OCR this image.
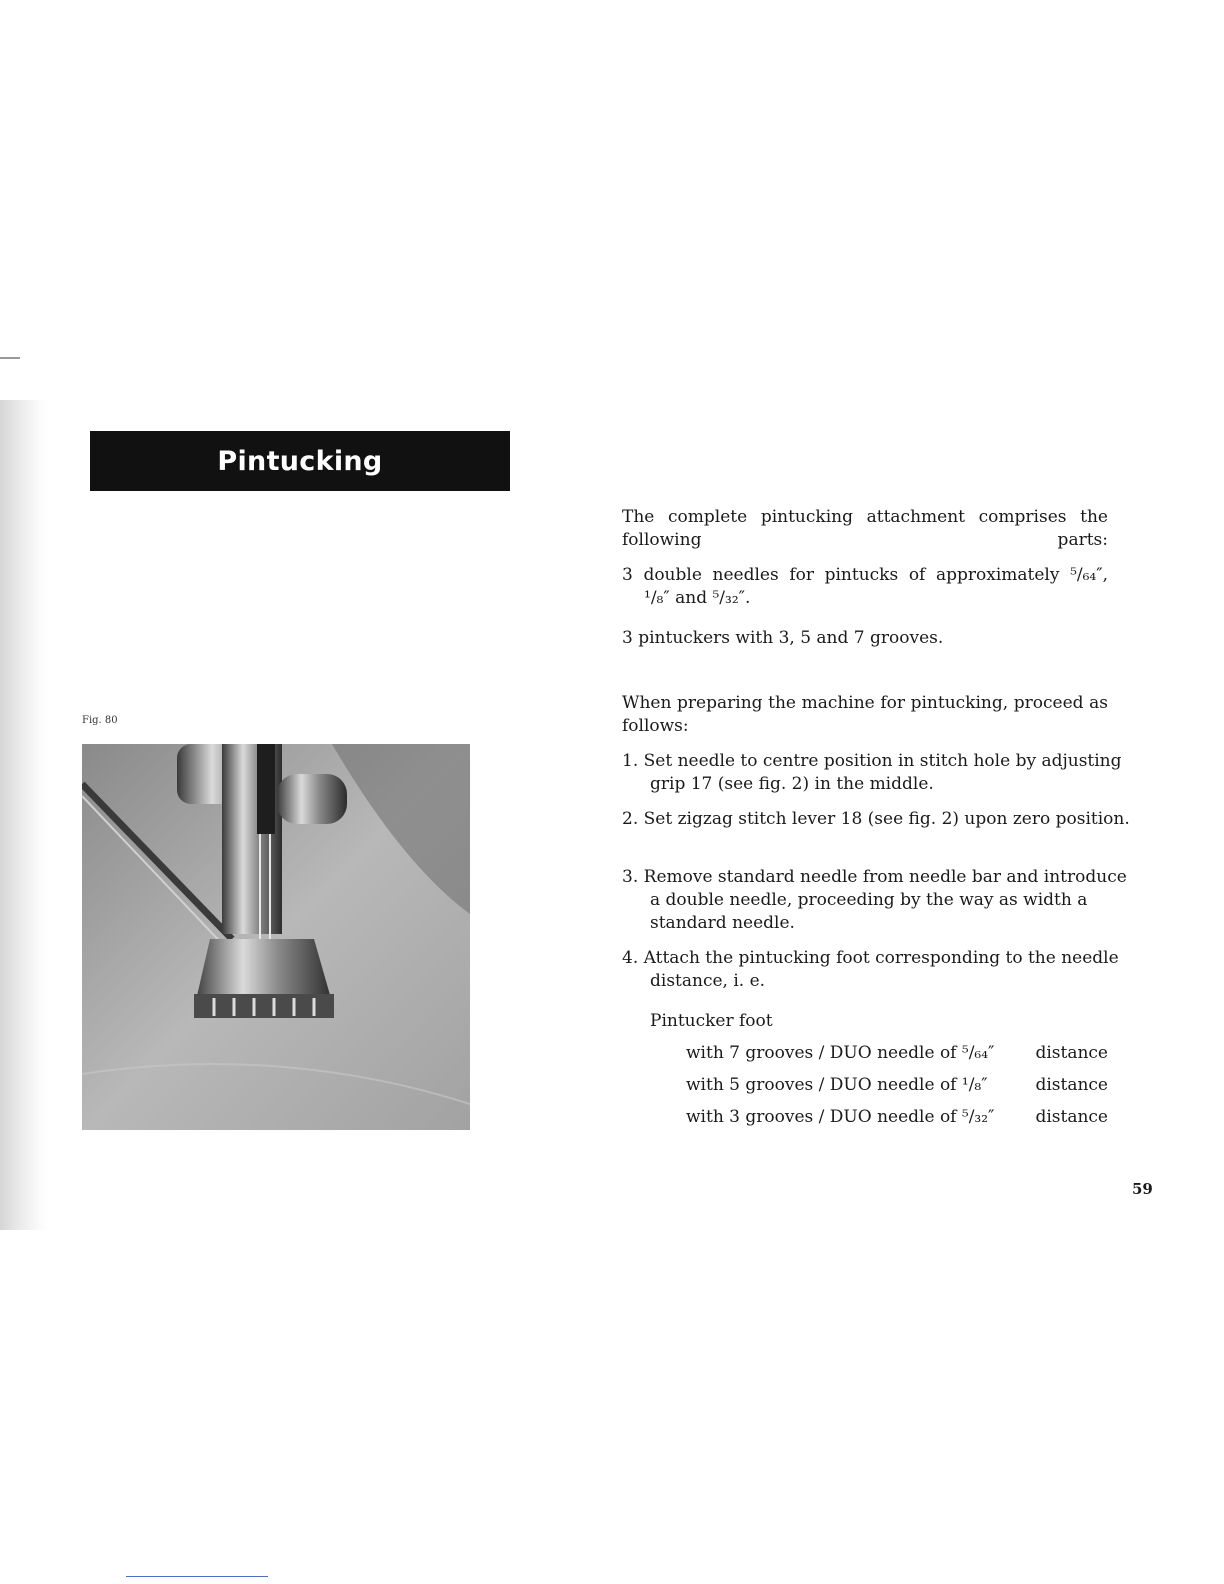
Pintucking
Fig. 80

The complete pintucking attachment comprises the following parts:

3 double needles for pintucks of approximately ⁵/₆₄″,

¹/₈″ and ⁵/₃₂″.

3 pintuckers with 3, 5 and 7 grooves.

When preparing the machine for pintucking, proceed as follows:

1. Set needle to centre position in stitch hole by adjusting grip 17 (see fig. 2) in the middle.
2. Set zigzag stitch lever 18 (see fig. 2) upon zero position.
3. Remove standard needle from needle bar and introduce a double needle, proceeding by the way as width a standard needle.
4. Attach the pintucking foot corresponding to the needle distance, i. e.
Pintucker foot
with 7 grooves / DUO needle of ⁵/₆₄″ distance
with 5 grooves / DUO needle of ¹/₈″	distance
with 3 grooves / DUO needle of ⁵/₃₂″ distance
59
